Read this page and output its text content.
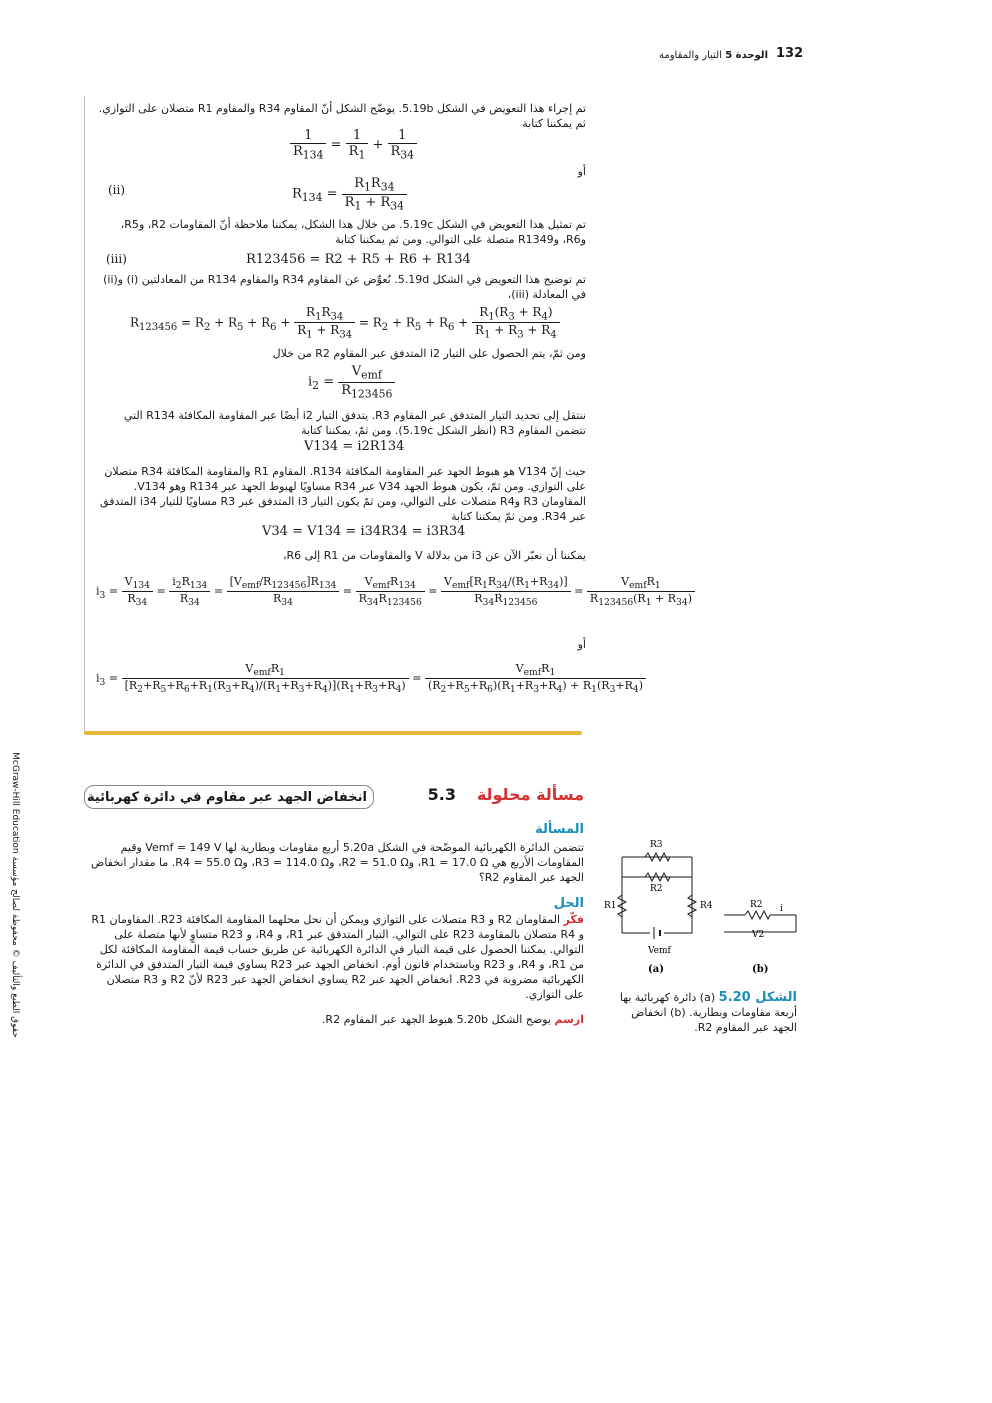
132
الوحدة 5 التيار والمقاومة
McGraw-Hill Education حقوق الطبع والتأليف © محفوظة لصالح مؤسسة
تم إجراء هذا التعويض في الشكل 5.19b. يوضّح الشكل أنّ المقاوم R34 والمقاوم R1 متصلان على التوازي. ثم يمكننا كتابة
$\frac{1}{R_{134}} = \frac{1}{R_1} + \frac{1}{R_{34}}$
أو
(ii)	$R_{134} = \frac{R_1R_{34}}{R_1 + R_{34}}$
تم تمثيل هذا التعويض في الشكل 5.19c. من خلال هذا الشكل، يمكننا ملاحظة أنّ المقاومات R2، وR5، وR6، وR1349 متصلة على التوالي. ومن ثم يمكننا كتابة
(iii)	R123456 = R2 + R5 + R6 + R134
تم توضيح هذا التعويض في الشكل 5.19d. نُعوِّض عن المقاوم R34 والمقاوم R134 من المعادلتين (i) و(ii) في المعادلة (iii)،
$R_{123456} = R_2 + R_5 + R_6 + \frac{R_1R_{34}}{R_1 + R_{34}} = R_2 + R_5 + R_6 + \frac{R_1(R_3 + R_4)}{R_1 + R_3 + R_4}$
ومن ثمّ، يتم الحصول على التيار i2 المتدفق عبر المقاوم R2 من خلال
$i_2 = \frac{V_{emf}}{R_{123456}}$
ننتقل إلى تحديد التيار المتدفق عبر المقاوم R3. يتدفق التيار i2 أيضًا عبر المقاومة المكافئة R134 التي تتضمن المقاوم R3 (انظر الشكل 5.19c). ومن ثمّ، يمكننا كتابة
V134 = i2R134
حيث إنّ V134 هو هبوط الجهد عبر المقاومة المكافئة R134. المقاوم R1 والمقاومة المكافئة R34 متصلان على التوازي. ومن ثمّ، يكون هبوط الجهد V34 عبر R34 مساويًا لهبوط الجهد عبر R134 وهو V134. المقاومان R3 وR4 متصلات على التوالي، ومن ثمّ يكون التيار i3 المتدفق عبر R3 مساويًا للتيار i34 المتدفق عبر R34. ومن ثمّ يمكننا كتابة
V34 = V134 = i34R34 = i3R34
يمكننا أن نعبّر الآن عن i3 من بدلالة V والمقاومات من R1 إلى R6،
$i_3 = \frac{V_{134}}{R_{34}} = \frac{i_2R_{134}}{R_{34}} = \frac{[V_{emf}/R_{123456}]R_{134}}{R_{34}} = \frac{V_{emf}R_{134}}{R_{34}R_{123456}} = \frac{V_{emf}[R_1R_{34}/(R_1+R_{34})]}{R_{34}R_{123456}} = \frac{V_{emf}R_1}{R_{123456}(R_1 + R_{34})}$
أو
$i_3 = \frac{V_{emf}R_1}{[R_2+R_5+R_6+R_1(R_3+R_4)/(R_1+R_3+R_4)](R_1+R_3+R_4)} = \frac{V_{emf}R_1}{(R_2+R_5+R_6)(R_1+R_3+R_4) + R_1(R_3+R_4)}$
مسألة محلولة
5.3
انخفاض الجهد عبر مقاوم في دائرة كهربائية
المسألة
تتضمن الدائرة الكهربائية الموضّحة في الشكل 5.20a أربع مقاومات وبطارية لها Vemf = 149 V وقيم المقاومات الأربع هي R1 = 17.0 Ω، وR2 = 51.0 Ω، وR3 = 114.0 Ω، وR4 = 55.0 Ω. ما مقدار انخفاض الجهد عبر المقاوم R2؟
الحل
فكّر المقاومان R2 و R3 متصلات على التوازي ويمكن أن نحل محلهما المقاومة المكافئة R23. المقاومان R1 و R4 متصلان بالمقاومة R23 على التوالي. التيار المتدفق عبر R1، و R4، و R23 متساوٍ لأنها متصلة على التوالي. يمكننا الحصول على قيمة التيار في الدائرة الكهربائية عن طريق حساب قيمة المقاومة المكافئة لكل من R1، و R4، و R23 وباستخدام قانون أوم. انخفاض الجهد عبر R23 يساوي قيمة التيار المتدفق في الدائرة الكهربائية مضروبة في R23. انخفاض الجهد عبر R2 يساوي انخفاض الجهد عبر R23 لأنّ R2 و R3 متصلان على التوازي.
ارسم يوضح الشكل 5.20b هبوط الجهد عبر المقاوم R2.
R3
R2
R1	R4
Vemf
R2 i
V2
(a)	(b)
الشكل 5.20 (a) دائرة كهربائية بها أربعة مقاومات وبطارية. (b) انخفاض الجهد عبر المقاوم R2.
